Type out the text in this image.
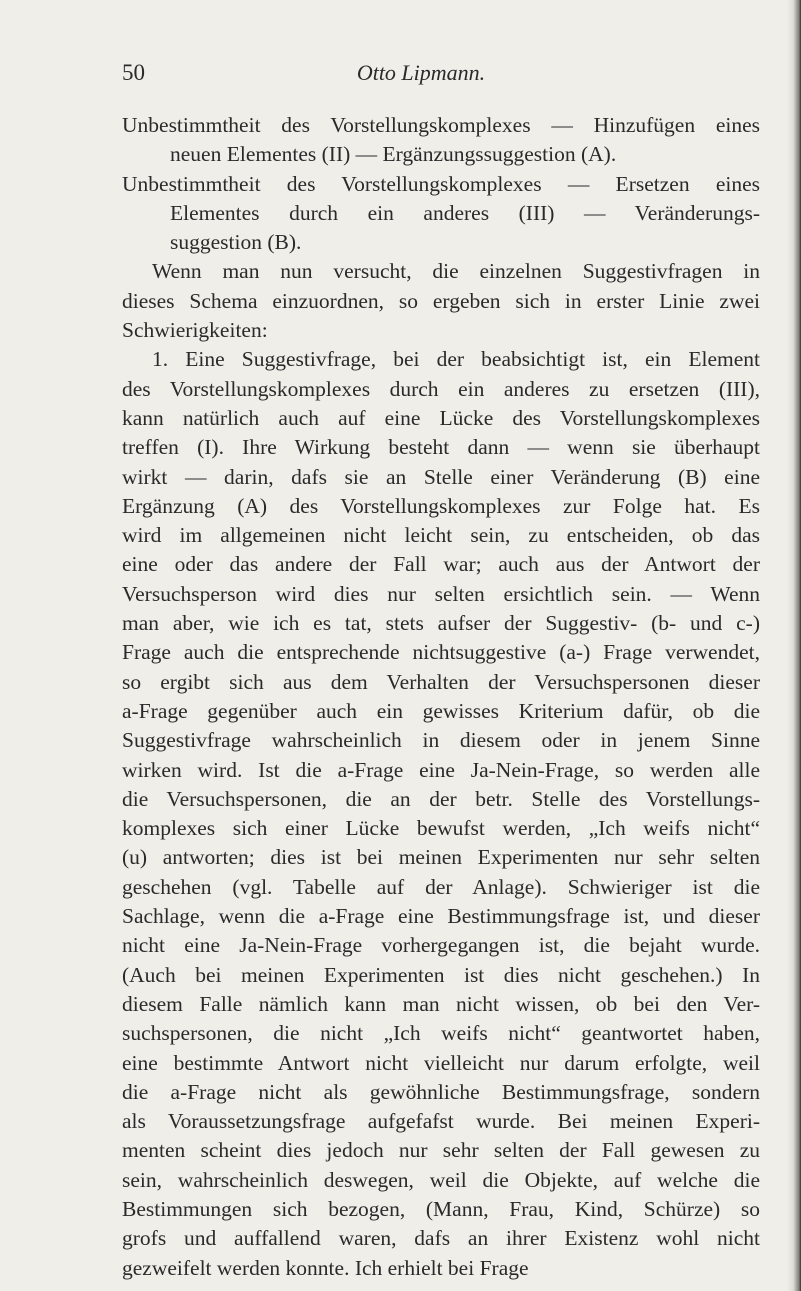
50	Otto Lipmann.
Unbestimmtheit des Vorstellungskomplexes — Hinzufügen eines
neuen Elementes (II) — Ergänzungssuggestion (A).
Unbestimmtheit des Vorstellungskomplexes — Ersetzen eines
Elementes durch ein anderes (III) — Veränderungs-
suggestion (B).
Wenn man nun versucht, die einzelnen Suggestivfragen in
dieses Schema einzuordnen, so ergeben sich in erster Linie zwei
Schwierigkeiten:
1. Eine Suggestivfrage, bei der beabsichtigt ist, ein Element
des Vorstellungskomplexes durch ein anderes zu ersetzen (III),
kann natürlich auch auf eine Lücke des Vorstellungskomplexes
treffen (I). Ihre Wirkung besteht dann — wenn sie überhaupt
wirkt — darin, dafs sie an Stelle einer Veränderung (B) eine
Ergänzung (A) des Vorstellungskomplexes zur Folge hat. Es
wird im allgemeinen nicht leicht sein, zu entscheiden, ob das
eine oder das andere der Fall war; auch aus der Antwort der
Versuchsperson wird dies nur selten ersichtlich sein. — Wenn
man aber, wie ich es tat, stets aufser der Suggestiv- (b- und c-)
Frage auch die entsprechende nichtsuggestive (a-) Frage verwendet,
so ergibt sich aus dem Verhalten der Versuchspersonen dieser
a-Frage gegenüber auch ein gewisses Kriterium dafür, ob die
Suggestivfrage wahrscheinlich in diesem oder in jenem Sinne
wirken wird. Ist die a-Frage eine Ja-Nein-Frage, so werden alle
die Versuchspersonen, die an der betr. Stelle des Vorstellungs-
komplexes sich einer Lücke bewufst werden, „Ich weifs nicht“
(u) antworten; dies ist bei meinen Experimenten nur sehr selten
geschehen (vgl. Tabelle auf der Anlage). Schwieriger ist die
Sachlage, wenn die a-Frage eine Bestimmungsfrage ist, und dieser
nicht eine Ja-Nein-Frage vorhergegangen ist, die bejaht wurde.
(Auch bei meinen Experimenten ist dies nicht geschehen.) In
diesem Falle nämlich kann man nicht wissen, ob bei den Ver-
suchspersonen, die nicht „Ich weifs nicht“ geantwortet haben,
eine bestimmte Antwort nicht vielleicht nur darum erfolgte, weil
die a-Frage nicht als gewöhnliche Bestimmungsfrage, sondern
als Voraussetzungsfrage aufgefafst wurde. Bei meinen Experi-
menten scheint dies jedoch nur sehr selten der Fall gewesen zu
sein, wahrscheinlich deswegen, weil die Objekte, auf welche die
Bestimmungen sich bezogen, (Mann, Frau, Kind, Schürze) so
grofs und auffallend waren, dafs an ihrer Existenz wohl nicht
gezweifelt werden konnte. Ich erhielt bei Frage
